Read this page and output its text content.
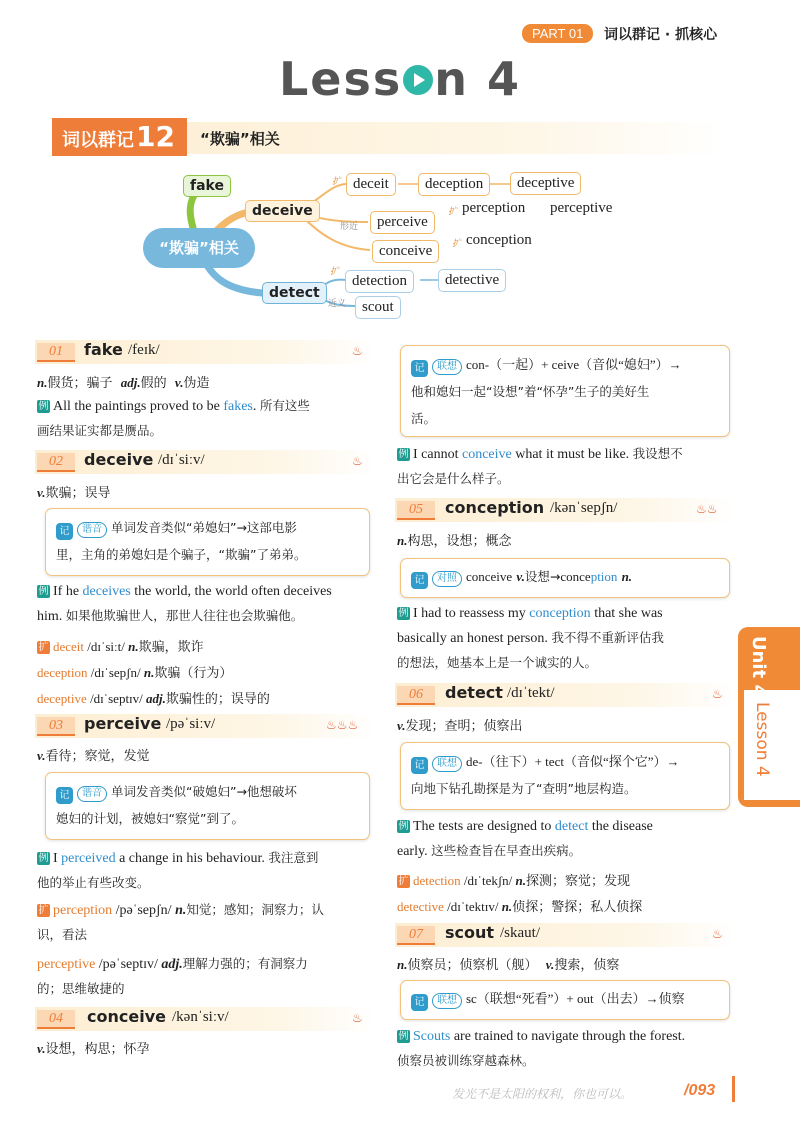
PART 01	词以群记 · 抓核心
Less n 4
词以群记12	“欺骗”相关
“欺骗”相关
fake
deceive
detect
扩 deceit	deception	deceptive
形近	perceive
扩 perception perceptive
conceive	扩 conception
扩
detection	detective
近义	scout
01	fake /feɪk/	♨
n.假货；骗子 adj.假的 v.伪造
例 All the paintings proved to be fakes. 所有这些
画结果证实都是赝品。
02	deceive /dɪˈsiːv/	♨
v.欺骗；误导
记 谐音 单词发音类似“弟媳妇”→这部电影
里，主角的弟媳妇是个骗子，“欺骗”了弟弟。
例 If he deceives the world, the world often deceives
him. 如果他欺骗世人，那世人往往也会欺骗他。
扩 deceit /dɪˈsiːt/ n.欺骗，欺诈
deception /dɪˈsepʃn/ n.欺骗（行为）
deceptive /dɪˈseptɪv/ adj.欺骗性的；误导的
03	perceive /pəˈsiːv/	♨♨♨
v.看待；察觉，发觉
记 谐音 单词发音类似“破媳妇”→他想破坏
媳妇的计划，被媳妇“察觉”到了。
例 I perceived a change in his behaviour. 我注意到
他的举止有些改变。
扩 perception /pəˈsepʃn/ n.知觉；感知；洞察力；认
识，看法
perceptive /pəˈseptɪv/ adj.理解力强的；有洞察力
的；思维敏捷的
04	conceive /kənˈsiːv/	♨
v.设想，构思；怀孕
记 联想 con-（一起）+ ceive（音似“媳妇”）→
他和媳妇一起“设想”着“怀孕”生子的美好生
活。
例 I cannot conceive what it must be like. 我设想不
出它会是什么样子。
05	conception /kənˈsepʃn/	♨♨
n.构思，设想；概念
记 对照 conceive v.设想→conception n.
例 I had to reassess my conception that she was
basically an honest person. 我不得不重新评估我
的想法，她基本上是一个诚实的人。
06	detect /dɪˈtekt/	♨
v.发现；查明；侦察出
记 联想 de-（往下）+ tect（音似“探个它”）→
向地下钻孔勘探是为了“查明”地层构造。
例 The tests are designed to detect the disease
early. 这些检查旨在早查出疾病。
扩 detection /dɪˈtekʃn/ n.探测；察觉；发现
detective /dɪˈtektɪv/ n.侦探；警探；私人侦探
07	scout /skaut/	♨
n.侦察员；侦察机（舰） v.搜索，侦察
记 联想 sc（联想“死看”）+ out（出去）→侦察
例 Scouts are trained to navigate through the forest.
侦察员被训练穿越森林。
Unit 4
Lesson 4
发光不是太阳的权利，你也可以。	/093
